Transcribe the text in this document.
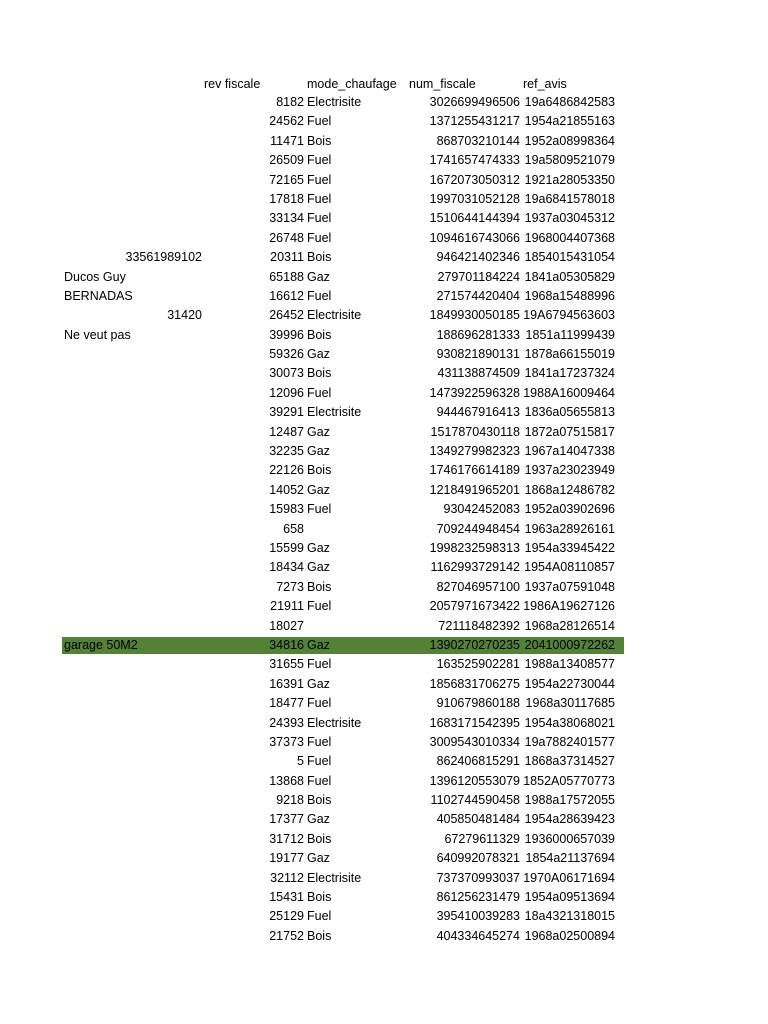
rev fiscale	mode_chaufage num_fiscale	ref_avis
8182 Electrisite	3026699496506 19a6486842583
24562 Fuel	1371255431217 1954a21855163
11471 Bois	868703210144 1952a08998364
26509 Fuel	1741657474333 19a5809521079
72165 Fuel	1672073050312 1921a28053350
17818 Fuel	1997031052128 19a6841578018
33134 Fuel	1510644144394 1937a03045312
26748 Fuel	1094616743066 1968004407368
33561989102	20311 Bois	946421402346 1854015431054
Ducos Guy	65188 Gaz	279701184224 1841a05305829
BERNADAS	16612 Fuel	271574420404 1968a15488996
31420	26452 Electrisite	1849930050185 19A6794563603
Ne veut pas	39996 Bois	188696281333 1851a11999439
59326 Gaz	930821890131 1878a66155019
30073 Bois	431138874509 1841a17237324
12096 Fuel	1473922596328 1988A16009464
39291 Electrisite	944467916413 1836a05655813
12487 Gaz	1517870430118 1872a07515817
32235 Gaz	1349279982323 1967a14047338
22126 Bois	1746176614189 1937a23023949
14052 Gaz	1218491965201 1868a12486782
15983 Fuel	93042452083 1952a03902696
658	709244948454 1963a28926161
15599 Gaz	1998232598313 1954a33945422
18434 Gaz	1162993729142 1954A08110857
7273 Bois	827046957100 1937a07591048
21911 Fuel	2057971673422 1986A19627126
18027	721118482392 1968a28126514
garage 50M2	34816 Gaz	1390270270235 2041000972262
31655 Fuel	163525902281 1988a13408577
16391 Gaz	1856831706275 1954a22730044
18477 Fuel	910679860188 1968a30117685
24393 Electrisite	1683171542395 1954a38068021
37373 Fuel	3009543010334 19a7882401577
5 Fuel	862406815291 1868a37314527
13868 Fuel	1396120553079 1852A05770773
9218 Bois	1102744590458 1988a17572055
17377 Gaz	405850481484 1954a28639423
31712 Bois	67279611329 1936000657039
19177 Gaz	640992078321 1854a21137694
32112 Electrisite	737370993037 1970A06171694
15431 Bois	861256231479 1954a09513694
25129 Fuel	395410039283 18a4321318015
21752 Bois	404334645274 1968a02500894
